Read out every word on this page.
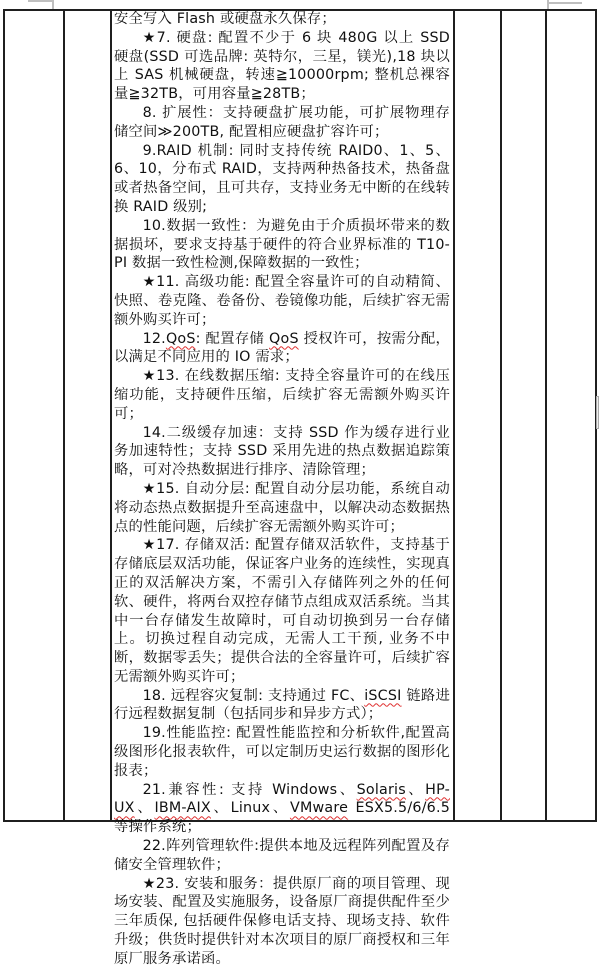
安全写入 Flash 或硬盘永久保存；

★7. 硬盘: 配置不少于 6 块 480G 以上 SSD 硬盘(SSD 可选品牌: 英特尔，三星，镁光),18 块以上 SAS 机械硬盘，转速≧10000rpm; 整机总裸容量≧32TB，可用容量≧28TB；

8. 扩展性：支持硬盘扩展功能，可扩展物理存储空间≫200TB, 配置相应硬盘扩容许可；

9.RAID 机制: 同时支持传统 RAID0、1、5、6、10，分布式 RAID，支持两种热备技术，热备盘或者热备空间，且可共存，支持业务无中断的在线转换 RAID 级别;

10.数据一致性：为避免由于介质损坏带来的数据损坏，要求支持基于硬件的符合业界标准的 T10-PI 数据一致性检测,保障数据的一致性；

★11. 高级功能: 配置全容量许可的自动精简、快照、卷克隆、卷备份、卷镜像功能，后续扩容无需额外购买许可；

12.QoS: 配置存储 QoS 授权许可，按需分配，以满足不同应用的 IO 需求；

★13. 在线数据压缩: 支持全容量许可的在线压缩功能，支持硬件压缩，后续扩容无需额外购买许可；

14.二级缓存加速：支持 SSD 作为缓存进行业务加速特性；支持 SSD 采用先进的热点数据追踪策略，可对冷热数据进行排序、清除管理；

★15. 自动分层: 配置自动分层功能，系统自动将动态热点数据提升至高速盘中，以解决动态数据热点的性能问题，后续扩容无需额外购买许可；

★17. 存储双活: 配置存储双活软件，支持基于存储底层双活功能，保证客户业务的连续性，实现真正的双活解决方案，不需引入存储阵列之外的任何软、硬件，将两台双控存储节点组成双活系统。当其中一台存储发生故障时，可自动切换到另一台存储上。切换过程自动完成，无需人工干预, 业务不中断，数据零丢失；提供合法的全容量许可，后续扩容无需额外购买许可；

18. 远程容灾复制: 支持通过 FC、iSCSI 链路进行远程数据复制（包括同步和异步方式）；

19.性能监控: 配置性能监控和分析软件,配置高级图形化报表软件，可以定制历史运行数据的图形化报表；

21.兼容性: 支持 Windows、Solaris、HP-UX、IBM-AIX、Linux、VMware ESX5.5/6/6.5 等操作系统；

22.阵列管理软件:提供本地及远程阵列配置及存储安全管理软件；

★23. 安装和服务：提供原厂商的项目管理、现场安装、配置及实施服务，设备原厂商提供配件至少三年质保, 包括硬件保修电话支持、现场支持、软件升级；供货时提供针对本次项目的原厂商授权和三年原厂服务承诺函。
